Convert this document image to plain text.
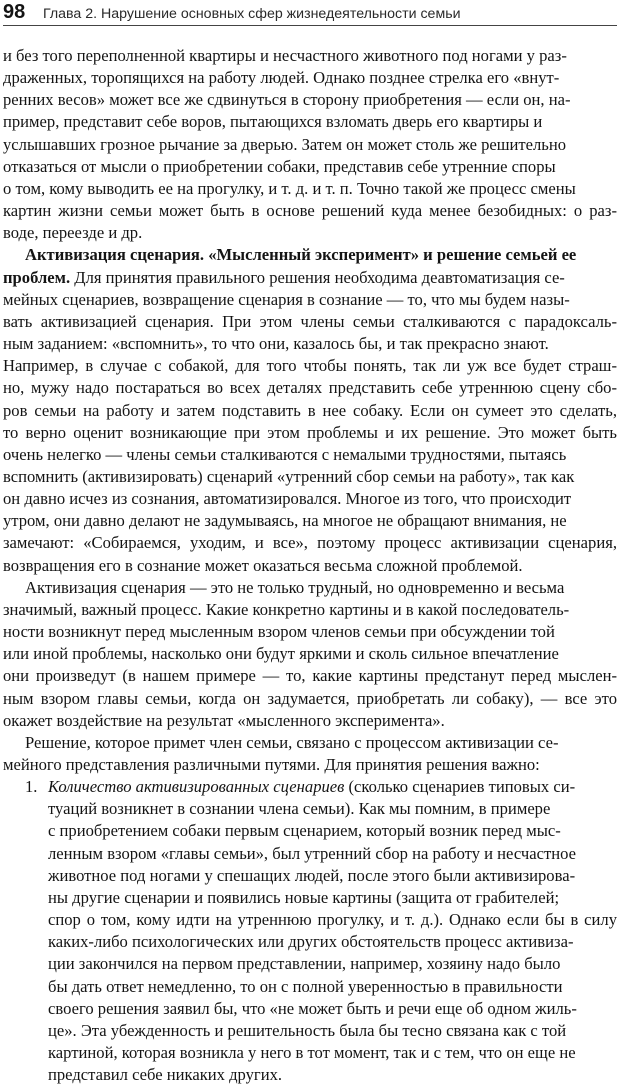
98	Глава 2. Нарушение основных сфер жизнедеятельности семьи
и без того переполненной квартиры и несчастного животного под ногами у раз-
драженных, торопящихся на работу людей. Однако позднее стрелка его «внут-
ренних весов» может все же сдвинуться в сторону приобретения — если он, на-
пример, представит себе воров, пытающихся взломать дверь его квартиры и
услышавших грозное рычание за дверью. Затем он может столь же решительно
отказаться от мысли о приобретении собаки, представив себе утренние споры
о том, кому выводить ее на прогулку, и т. д. и т. п. Точно такой же процесс смены
картин жизни семьи может быть в основе решений куда менее безобидных: о раз-
воде, переезде и др.
Активизация сценария. «Мысленный эксперимент» и решение семьей ее
проблем. Для принятия правильного решения необходима деавтоматизация се-
мейных сценариев, возвращение сценария в сознание — то, что мы будем назы-
вать активизацией сценария. При этом члены семьи сталкиваются с парадоксаль-
ным заданием: «вспомнить», то что они, казалось бы, и так прекрасно знают.
Например, в случае с собакой, для того чтобы понять, так ли уж все будет страш-
но, мужу надо постараться во всех деталях представить себе утреннюю сцену сбо-
ров семьи на работу и затем подставить в нее собаку. Если он сумеет это сделать,
то верно оценит возникающие при этом проблемы и их решение. Это может быть
очень нелегко — члены семьи сталкиваются с немалыми трудностями, пытаясь
вспомнить (активизировать) сценарий «утренний сбор семьи на работу», так как
он давно исчез из сознания, автоматизировался. Многое из того, что происходит
утром, они давно делают не задумываясь, на многое не обращают внимания, не
замечают: «Собираемся, уходим, и все», поэтому процесс активизации сценария,
возвращения его в сознание может оказаться весьма сложной проблемой.
Активизация сценария — это не только трудный, но одновременно и весьма
значимый, важный процесс. Какие конкретно картины и в какой последователь-
ности возникнут перед мысленным взором членов семьи при обсуждении той
или иной проблемы, насколько они будут яркими и сколь сильное впечатление
они произведут (в нашем примере — то, какие картины предстанут перед мыслен-
ным взором главы семьи, когда он задумается, приобретать ли собаку), — все это
окажет воздействие на результат «мысленного эксперимента».
Решение, которое примет член семьи, связано с процессом активизации се-
мейного представления различными путями. Для принятия решения важно:
1. Количество активизированных сценариев (сколько сценариев типовых си-
туаций возникнет в сознании члена семьи). Как мы помним, в примере
с приобретением собаки первым сценарием, который возник перед мыс-
ленным взором «главы семьи», был утренний сбор на работу и несчастное
животное под ногами у спешащих людей, после этого были активизирова-
ны другие сценарии и появились новые картины (защита от грабителей;
спор о том, кому идти на утреннюю прогулку, и т. д.). Однако если бы в силу
каких-либо психологических или других обстоятельств процесс активиза-
ции закончился на первом представлении, например, хозяину надо было
бы дать ответ немедленно, то он с полной уверенностью в правильности
своего решения заявил бы, что «не может быть и речи еще об одном жиль-
це». Эта убежденность и решительность была бы тесно связана как с той
картиной, которая возникла у него в тот момент, так и с тем, что он еще не
представил себе никаких других.
